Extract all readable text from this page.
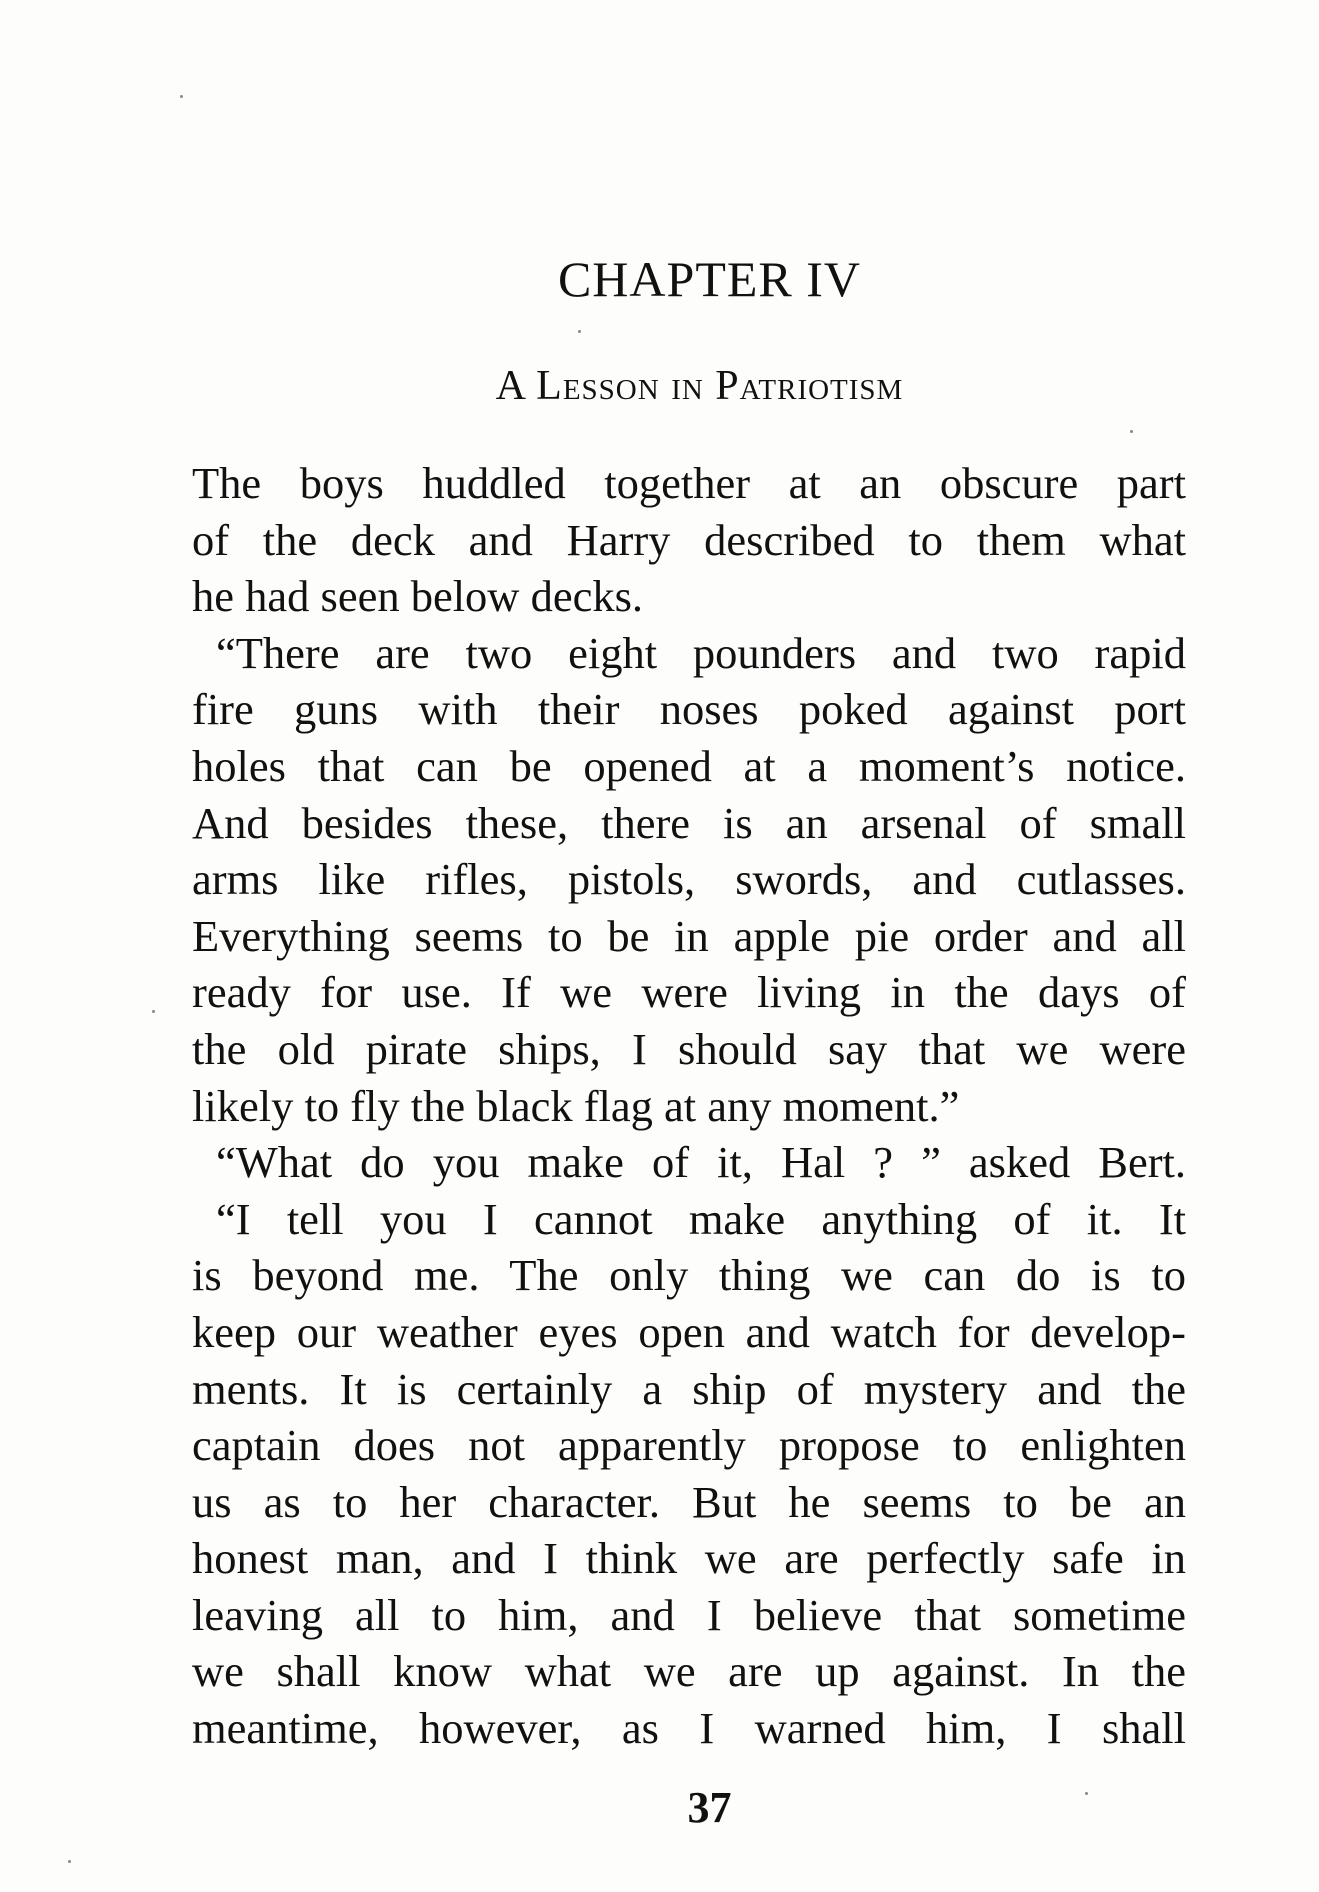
CHAPTER IV
A Lesson in Patriotism
The boys huddled together at an obscure part
of the deck and Harry described to them what
he had seen below decks.
“There are two eight pounders and two rapid
fire guns with their noses poked against port
holes that can be opened at a moment’s notice.
And besides these, there is an arsenal of small
arms like rifles, pistols, swords, and cutlasses.
Everything seems to be in apple pie order and all
ready for use. If we were living in the days of
the old pirate ships, I should say that we were
likely to fly the black flag at any moment.”
“What do you make of it, Hal ? ” asked Bert.
“I tell you I cannot make anything of it. It
is beyond me. The only thing we can do is to
keep our weather eyes open and watch for develop-
ments. It is certainly a ship of mystery and the
captain does not apparently propose to enlighten
us as to her character. But he seems to be an
honest man, and I think we are perfectly safe in
leaving all to him, and I believe that sometime
we shall know what we are up against. In the
meantime, however, as I warned him, I shall
37
